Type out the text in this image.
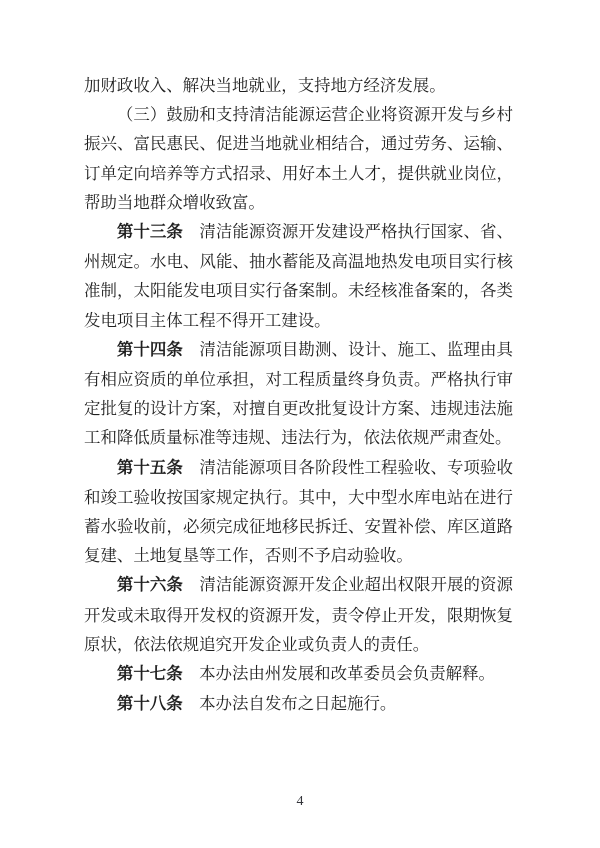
加财政收入、解决当地就业，支持地方经济发展。

（三）鼓励和支持清洁能源运营企业将资源开发与乡村振兴、富民惠民、促进当地就业相结合，通过劳务、运输、订单定向培养等方式招录、用好本土人才，提供就业岗位，帮助当地群众增收致富。

第十三条 清洁能源资源开发建设严格执行国家、省、州规定。水电、风能、抽水蓄能及高温地热发电项目实行核准制，太阳能发电项目实行备案制。未经核准备案的，各类发电项目主体工程不得开工建设。

第十四条 清洁能源项目勘测、设计、施工、监理由具有相应资质的单位承担，对工程质量终身负责。严格执行审定批复的设计方案，对擅自更改批复设计方案、违规违法施工和降低质量标准等违规、违法行为，依法依规严肃查处。

第十五条 清洁能源项目各阶段性工程验收、专项验收和竣工验收按国家规定执行。其中，大中型水库电站在进行蓄水验收前，必须完成征地移民拆迁、安置补偿、库区道路复建、土地复垦等工作，否则不予启动验收。

第十六条 清洁能源资源开发企业超出权限开展的资源开发或未取得开发权的资源开发，责令停止开发，限期恢复原状，依法依规追究开发企业或负责人的责任。

第十七条 本办法由州发展和改革委员会负责解释。

第十八条 本办法自发布之日起施行。

4
